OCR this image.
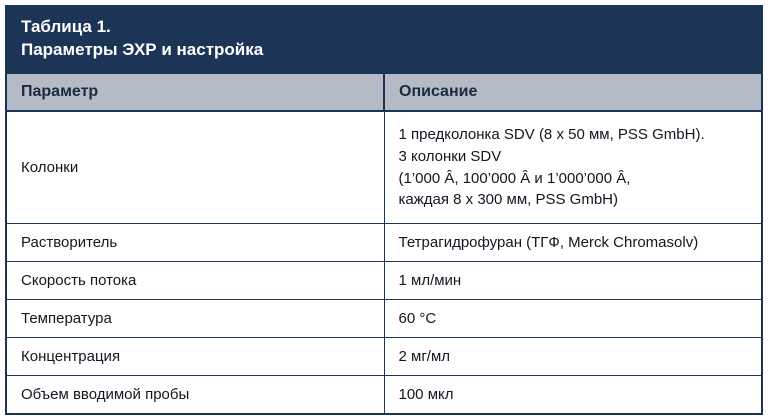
Таблица 1.
Параметры ЭХР и настройка	

Параметр	Описание
Колонки	1 предколонка SDV (8 x 50 мм, PSS GmbH).
3 колонки SDV
(1’000 Â, 100’000 Â и 1’000’000 Â,
каждая 8 x 300 мм, PSS GmbH)

Растворитель	Тетрагидрофуран (ТГФ, Merck Chromasolv)
Скорость потока	1 мл/мин
Температура	60 °C
Концентрация	2 мг/мл
Объем вводимой пробы	100 мкл
